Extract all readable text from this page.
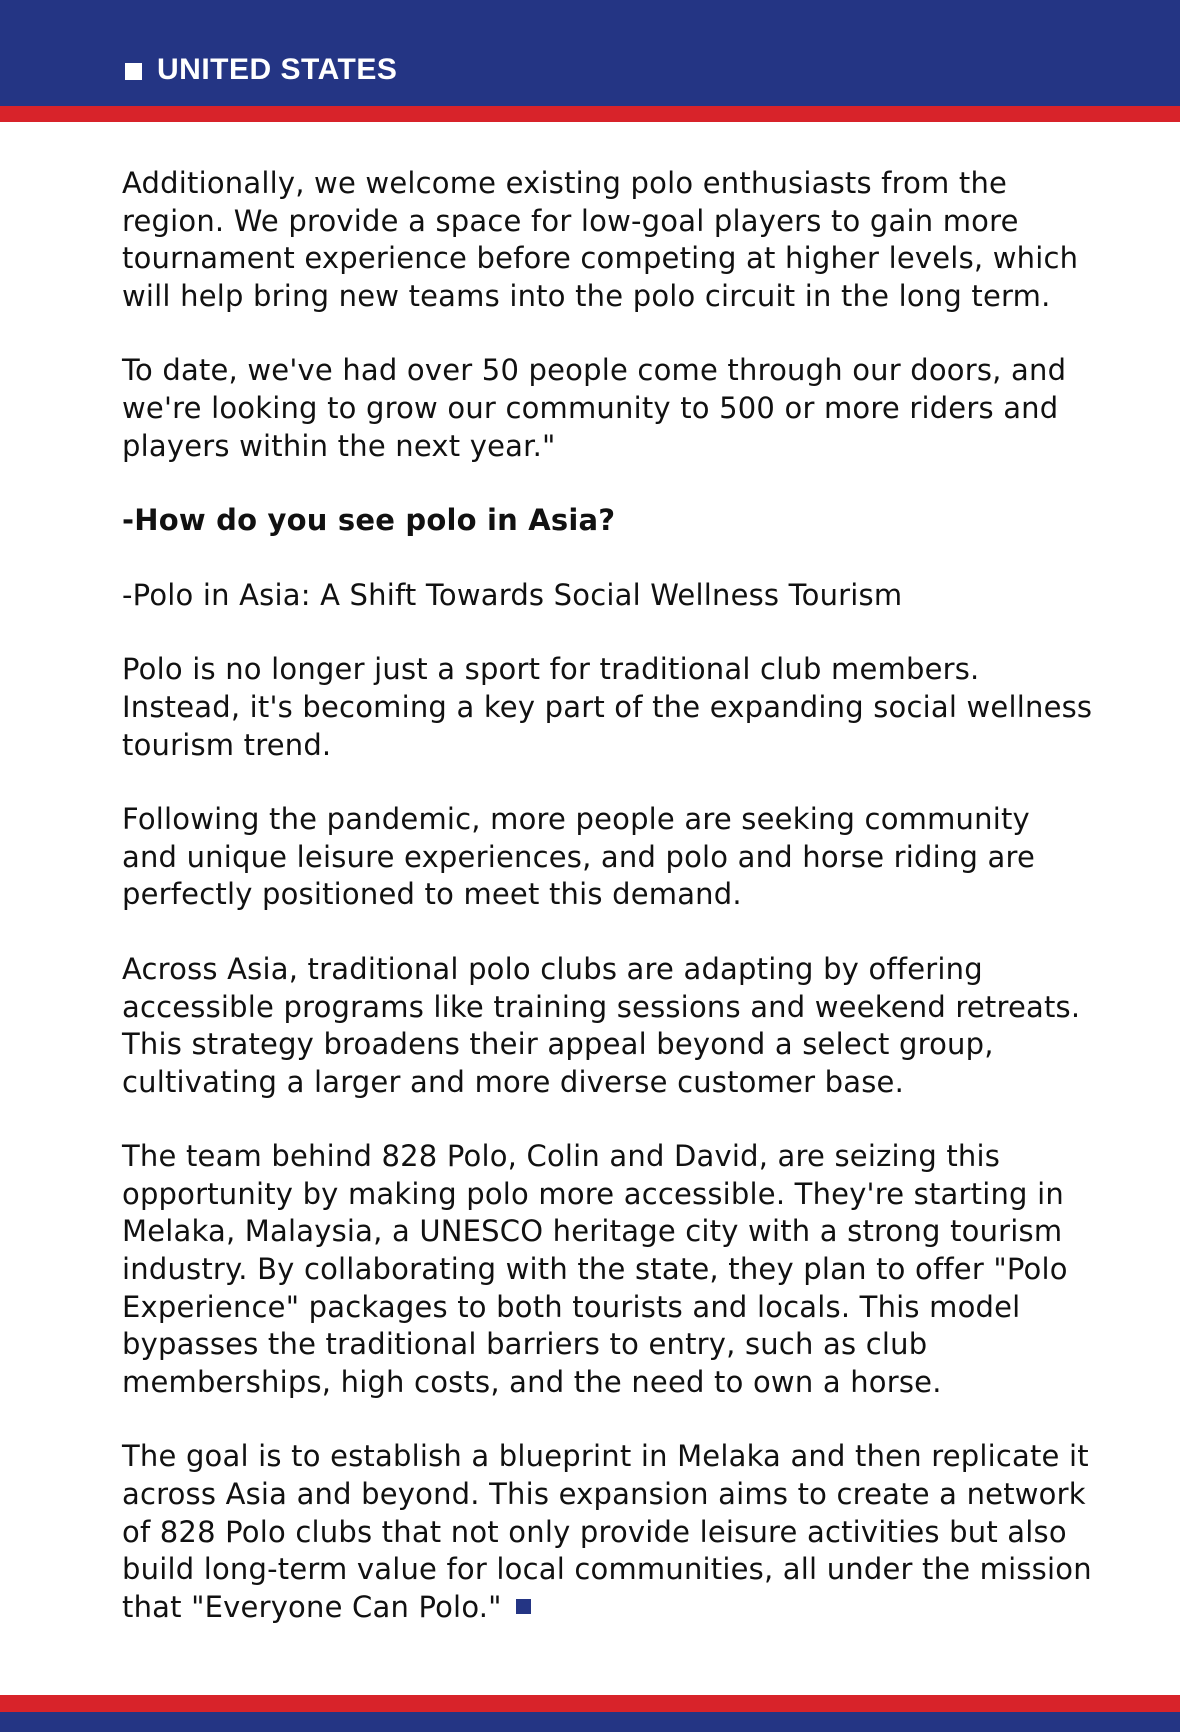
UNITED STATES

Additionally, we welcome existing polo enthusiasts from the
region. We provide a space for low-goal players to gain more
tournament experience before competing at higher levels, which
will help bring new teams into the polo circuit in the long term.

To date, we've had over 50 people come through our doors, and
we're looking to grow our community to 500 or more riders and
players within the next year."

-How do you see polo in Asia?

-Polo in Asia: A Shift Towards Social Wellness Tourism

Polo is no longer just a sport for traditional club members.
Instead, it's becoming a key part of the expanding social wellness
tourism trend.

Following the pandemic, more people are seeking community
and unique leisure experiences, and polo and horse riding are
perfectly positioned to meet this demand.

Across Asia, traditional polo clubs are adapting by offering
accessible programs like training sessions and weekend retreats.
This strategy broadens their appeal beyond a select group,
cultivating a larger and more diverse customer base.

The team behind 828 Polo, Colin and David, are seizing this
opportunity by making polo more accessible. They're starting in
Melaka, Malaysia, a UNESCO heritage city with a strong tourism
industry. By collaborating with the state, they plan to offer "Polo
Experience" packages to both tourists and locals. This model
bypasses the traditional barriers to entry, such as club
memberships, high costs, and the need to own a horse.

The goal is to establish a blueprint in Melaka and then replicate it
across Asia and beyond. This expansion aims to create a network
of 828 Polo clubs that not only provide leisure activities but also
build long-term value for local communities, all under the mission
that "Everyone Can Polo."
